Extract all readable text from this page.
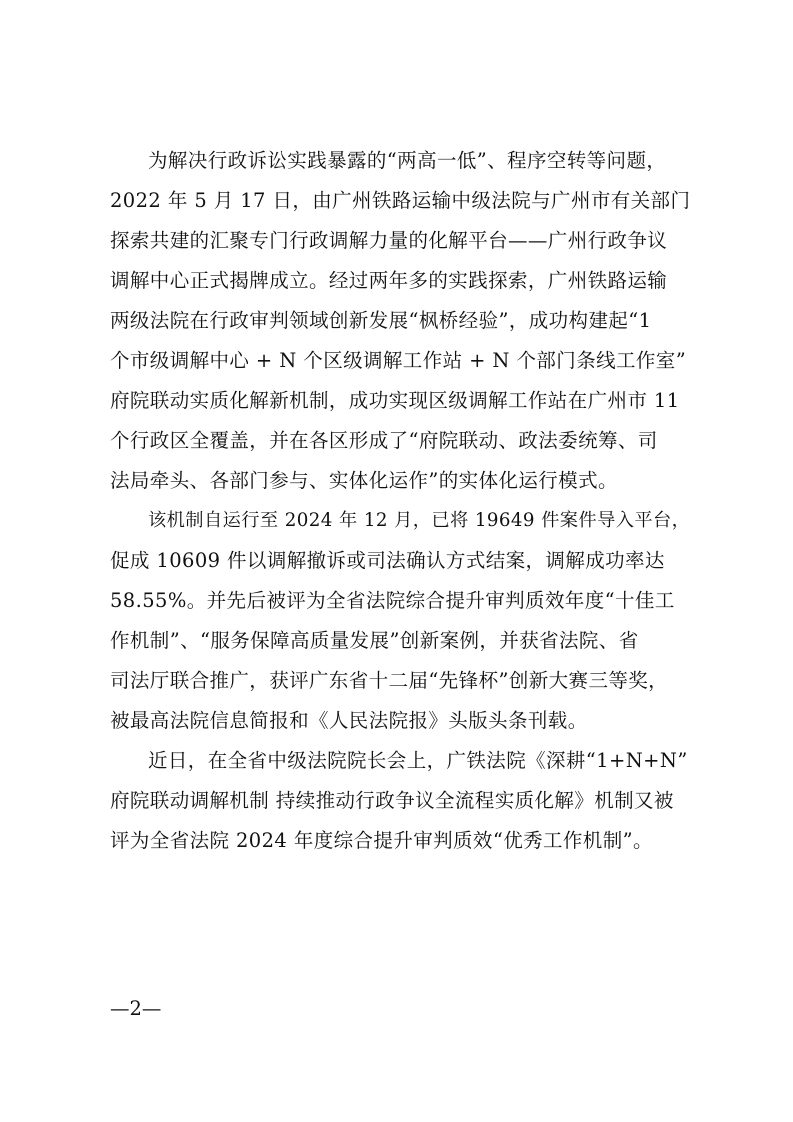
为解决行政诉讼实践暴露的“两高一低”、程序空转等问题，
2022 年 5 月 17 日，由广州铁路运输中级法院与广州市有关部门
探索共建的汇聚专门行政调解力量的化解平台——广州行政争议
调解中心正式揭牌成立。经过两年多的实践探索，广州铁路运输
两级法院在行政审判领域创新发展“枫桥经验”，成功构建起“1
个市级调解中心 + N 个区级调解工作站 + N 个部门条线工作室”
府院联动实质化解新机制，成功实现区级调解工作站在广州市 11
个行政区全覆盖，并在各区形成了“府院联动、政法委统筹、司
法局牵头、各部门参与、实体化运作”的实体化运行模式。
该机制自运行至 2024 年 12 月，已将 19649 件案件导入平台，
促成 10609 件以调解撤诉或司法确认方式结案，调解成功率达
58.55%。并先后被评为全省法院综合提升审判质效年度“十佳工
作机制”、“服务保障高质量发展”创新案例，并获省法院、省
司法厅联合推广，获评广东省十二届“先锋杯”创新大赛三等奖，
被最高法院信息简报和《人民法院报》头版头条刊载。
近日，在全省中级法院院长会上，广铁法院《深耕“1+N+N”
府院联动调解机制 持续推动行政争议全流程实质化解》机制又被
评为全省法院 2024 年度综合提升审判质效“优秀工作机制”。
—2—
